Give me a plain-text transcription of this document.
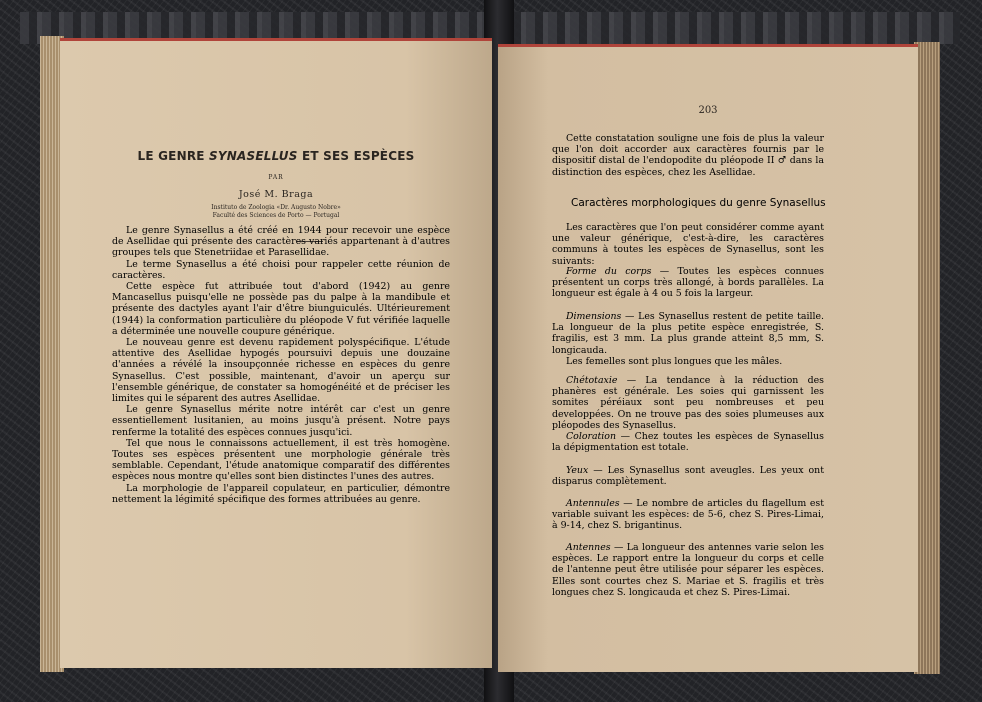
LE GENRE SYNASELLUS ET SES ESPÈCES
PAR
José M. Braga
Instituto de Zoologia «Dr. Augusto Nobre»
Faculté des Sciences de Porto — Portugal

Le genre Synasellus a été créé en 1944 pour recevoir une espèce de Asellidae qui présente des caractères variés appartenant à d'autres groupes tels que Stenetriidae et Parasellidae.

Le terme Synasellus a été choisi pour rappeler cette réunion de caractères.

Cette espèce fut attribuée tout d'abord (1942) au genre Mancasellus puisqu'elle ne possède pas du palpe à la mandibule et présente des dactyles ayant l'air d'être biunguiculés. Ultérieurement (1944) la conformation particulière du pléopode V fut vérifiée laquelle a déterminée une nouvelle coupure générique.

Le nouveau genre est devenu rapidement polyspécifique. L'étude attentive des Asellidae hypogés poursuivi depuis une douzaine d'années a révélé la insoupçonnée richesse en espèces du genre Synasellus. C'est possible, maintenant, d'avoir un aperçu sur l'ensemble générique, de constater sa homogénéité et de préciser les limites qui le séparent des autres Asellidae.

Le genre Synasellus mérite notre intérêt car c'est un genre essentiellement lusitanien, au moins jusqu'à présent. Notre pays renferme la totalité des espèces connues jusqu'ici.

Tel que nous le connaissons actuellement, il est très homogène. Toutes ses espèces présentent une morphologie générale très semblable. Cependant, l'étude anatomique comparatif des différentes espèces nous montre qu'elles sont bien distinctes l'unes des autres.

La morphologie de l'appareil copulateur, en particulier, démontre nettement la légimité spécifique des formes attribuées au genre.

203
Cette constatation souligne une fois de plus la valeur que l'on doit accorder aux caractères fournis par le dispositif distal de l'endopodite du pléopode II ♂ dans la distinction des espèces, chez les Asellidae.
Caractères morphologiques du genre Synasellus
Les caractères que l'on peut considérer comme ayant une valeur générique, c'est-à-dire, les caractères communs à toutes les espèces de Synasellus, sont les suivants:
Forme du corps — Toutes les espèces connues présentent un corps très allongé, à bords parallèles. La longueur est égale à 4 ou 5 fois la largeur.
Dimensions — Les Synasellus restent de petite taille. La longueur de la plus petite espèce enregistrée, S. fragilis, est 3 mm. La plus grande atteint 8,5 mm, S. longicauda.
Les femelles sont plus longues que les mâles.
Chétotaxie — La tendance à la réduction des phanères est générale. Les soies qui garnissent les somites péréiaux sont peu nombreuses et peu developpées. On ne trouve pas des soies plumeuses aux pléopodes des Synasellus.
Coloration — Chez toutes les espèces de Synasellus la dépigmentation est totale.
Yeux — Les Synasellus sont aveugles. Les yeux ont disparus complètement.
Antennules — Le nombre de articles du flagellum est variable suivant les espèces: de 5-6, chez S. Pires-Limai, à 9-14, chez S. brigantinus.
Antennes — La longueur des antennes varie selon les espèces. Le rapport entre la longueur du corps et celle de l'antenne peut être utilisée pour séparer les espèces. Elles sont courtes chez S. Mariae et S. fragilis et très longues chez S. longicauda et chez S. Pires-Limai.
